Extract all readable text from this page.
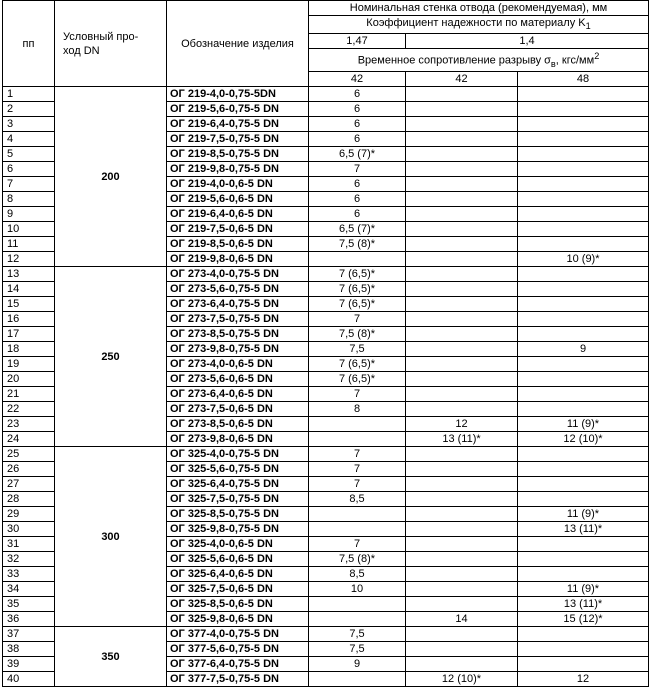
пп	Условный про-
ход DN	Обозначение изделия	Номинальная стенка отвода (рекомендуемая), мм		
			Коэффициент надежности по материалу $K_1$
			1,47	1,4	
			Временное сопротивление разрыву $\sigma_в$, кгс/$мм^2$
			42	42	48
1	200	ОГ 219-4,0-0,75-5DN	6		
2		ОГ 219-5,6-0,75-5 DN	6		
3		ОГ 219-6,4-0,75-5 DN	6		
4		ОГ 219-7,5-0,75-5 DN	6		
5		ОГ 219-8,5-0,75-5 DN	6,5 (7)*		
6		ОГ 219-9,8-0,75-5 DN	7		
7		ОГ 219-4,0-0,6-5 DN	6		
8		ОГ 219-5,6-0,6-5 DN	6		
9		ОГ 219-6,4-0,6-5 DN	6		
10		ОГ 219-7,5-0,6-5 DN	6,5 (7)*		
11		ОГ 219-8,5-0,6-5 DN	7,5 (8)*		
12		ОГ 219-9,8-0,6-5 DN			10 (9)*
13	250	ОГ 273-4,0-0,75-5 DN	7 (6,5)*		
14		ОГ 273-5,6-0,75-5 DN	7 (6,5)*		
15		ОГ 273-6,4-0,75-5 DN	7 (6,5)*		
16		ОГ 273-7,5-0,75-5 DN	7		
17		ОГ 273-8,5-0,75-5 DN	7,5 (8)*		
18		ОГ 273-9,8-0,75-5 DN	7,5		9
19		ОГ 273-4,0-0,6-5 DN	7 (6,5)*		
20		ОГ 273-5,6-0,6-5 DN	7 (6,5)*		
21		ОГ 273-6,4-0,6-5 DN	7		
22		ОГ 273-7,5-0,6-5 DN	8		
23		ОГ 273-8,5-0,6-5 DN		12	11 (9)*
24		ОГ 273-9,8-0,6-5 DN		13 (11)*	12 (10)*
25	300	ОГ 325-4,0-0,75-5 DN	7		
26		ОГ 325-5,6-0,75-5 DN	7		
27		ОГ 325-6,4-0,75-5 DN	7		
28		ОГ 325-7,5-0,75-5 DN	8,5		
29		ОГ 325-8,5-0,75-5 DN			11 (9)*
30		ОГ 325-9,8-0,75-5 DN			13 (11)*
31		ОГ 325-4,0-0,6-5 DN	7		
32		ОГ 325-5,6-0,6-5 DN	7,5 (8)*		
33		ОГ 325-6,4-0,6-5 DN	8,5		
34		ОГ 325-7,5-0,6-5 DN	10		11 (9)*
35		ОГ 325-8,5-0,6-5 DN			13 (11)*
36		ОГ 325-9,8-0,6-5 DN		14	15 (12)*
37	350	ОГ 377-4,0-0,75-5 DN	7,5		
38		ОГ 377-5,6-0,75-5 DN	7,5		
39		ОГ 377-6,4-0,75-5 DN	9		
40		ОГ 377-7,5-0,75-5 DN		12 (10)*	12
